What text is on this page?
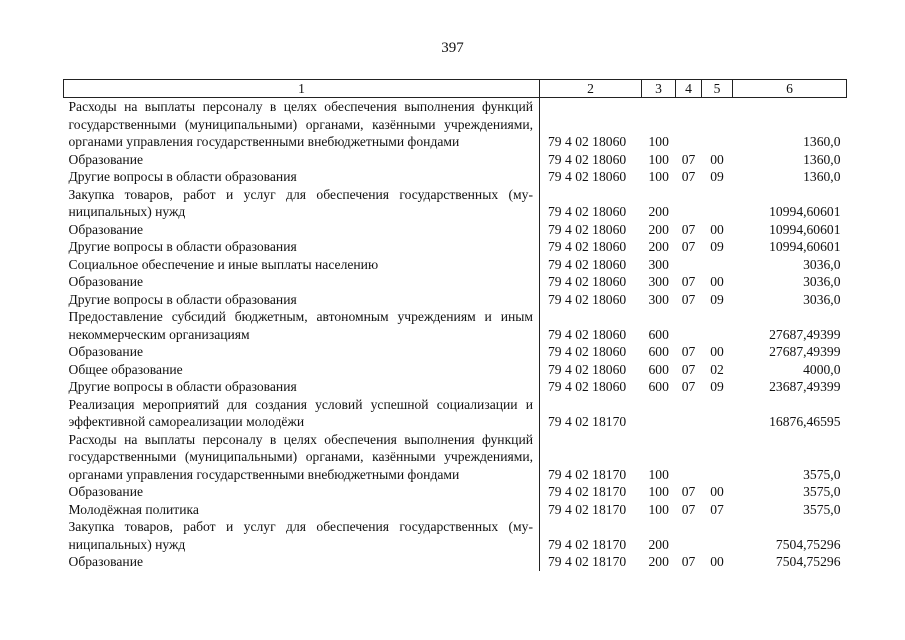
397
1	2	3	4	5	6
Расходы на выплаты персоналу в целях обеспечения выполнения функций государственными (муниципальными) органами, казёнными учреждениями, органами управления государственными внебюджетными фондами	79 4 02 18060	100			1360,0
Образование	79 4 02 18060	100	07	00	1360,0
Другие вопросы в области образования	79 4 02 18060	100	07	09	1360,0
Закупка товаров, работ и услуг для обеспечения государственных (муниципальных) нужд	79 4 02 18060	200			10994,60601
Образование	79 4 02 18060	200	07	00	10994,60601
Другие вопросы в области образования	79 4 02 18060	200	07	09	10994,60601
Социальное обеспечение и иные выплаты населению	79 4 02 18060	300			3036,0
Образование	79 4 02 18060	300	07	00	3036,0
Другие вопросы в области образования	79 4 02 18060	300	07	09	3036,0
Предоставление субсидий бюджетным, автономным учреждениям и иным некоммерческим организациям	79 4 02 18060	600			27687,49399
Образование	79 4 02 18060	600	07	00	27687,49399
Общее образование	79 4 02 18060	600	07	02	4000,0
Другие вопросы в области образования	79 4 02 18060	600	07	09	23687,49399
Реализация мероприятий для создания условий успешной социализации и эффективной самореализации молодёжи	79 4 02 18170				16876,46595
Расходы на выплаты персоналу в целях обеспечения выполнения функций государственными (муниципальными) органами, казёнными учреждениями, органами управления государственными внебюджетными фондами	79 4 02 18170	100			3575,0
Образование	79 4 02 18170	100	07	00	3575,0
Молодёжная политика	79 4 02 18170	100	07	07	3575,0
Закупка товаров, работ и услуг для обеспечения государственных (муниципальных) нужд	79 4 02 18170	200			7504,75296
Образование	79 4 02 18170	200	07	00	7504,75296
